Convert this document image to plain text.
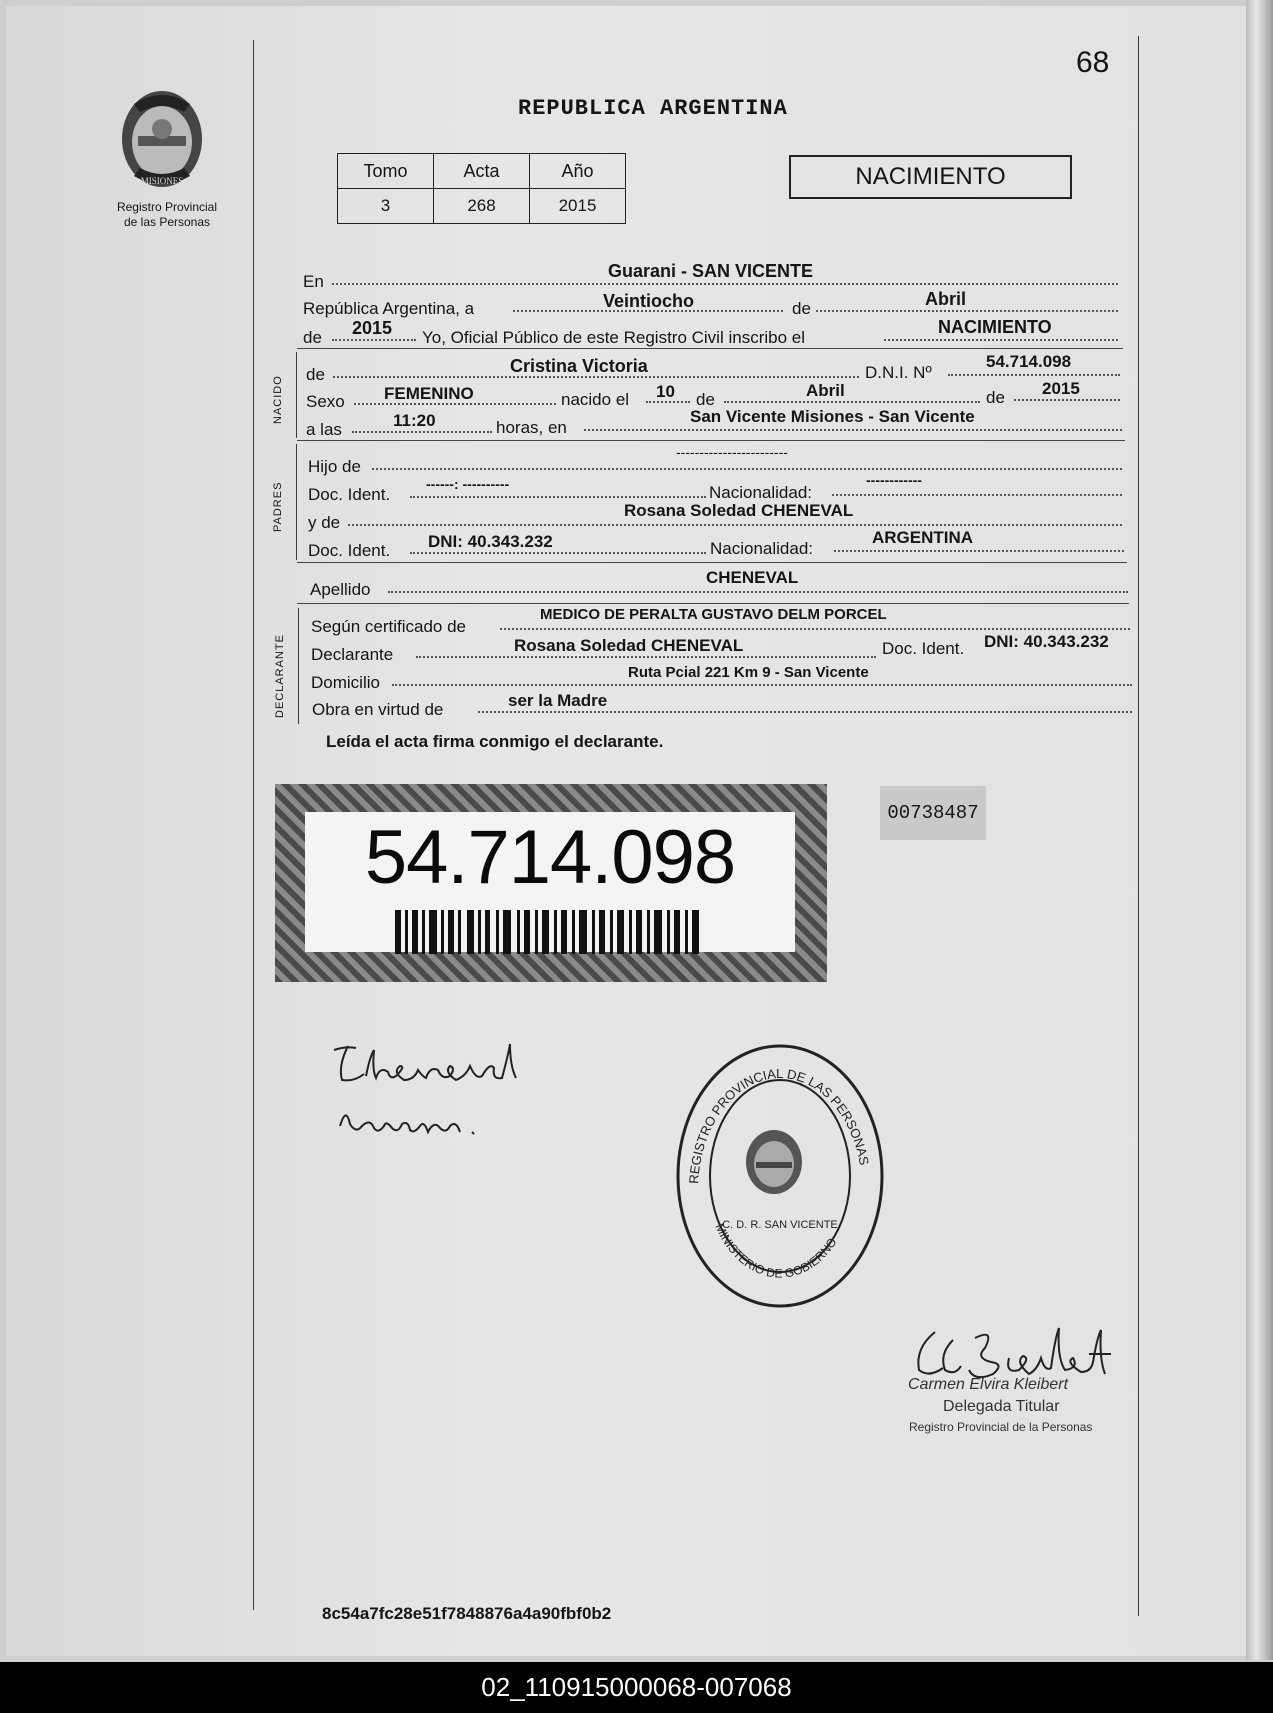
68
MISIONES
Registro Provincial
de las Personas
REPUBLICA ARGENTINA
Tomo	Acta	Año
3	268	2015
NACIMIENTO
En
Guarani - SAN VICENTE
República Argentina, a	Veintiocho	de	Abril
de 2015 Yo, Oficial Público de este Registro Civil inscribo el
NACIMIENTO
NACIDO
de	Cristina Victoria	D.N.I. Nº
54.714.098
Sexo FEMENINO	nacido el 10 de	Abril	de 2015
a las	11:20	horas, en
San Vicente Misiones - San Vicente
PADRES
Hijo de
------------------------
Doc. Ident.
------: ----------	Nacionalidad:
------------
y de
Rosana Soledad CHENEVAL
Doc. Ident. DNI: 40.343.232	Nacionalidad:
ARGENTINA
Apellido
CHENEVAL
DECLARANTE
Según certificado de
MEDICO DE PERALTA GUSTAVO DELM PORCEL
Declarante	Rosana Soledad CHENEVAL	Doc. Ident. DNI: 40.343.232
Domicilio
Ruta Pcial 221 Km 9 - San Vicente
Obra en virtud de	ser la Madre
Leída el acta firma conmigo el declarante.
54.714.098
00738487
REGISTRO PROVINCIAL DE LAS PERSONAS
MINISTERIO DE GOBIERNO
C. D. R. SAN VICENTE
Carmen Elvira Kleibert
Delegada Titular
Registro Provincial de la Personas
8c54a7fc28e51f7848876a4a90fbf0b2
02_110915000068-007068
